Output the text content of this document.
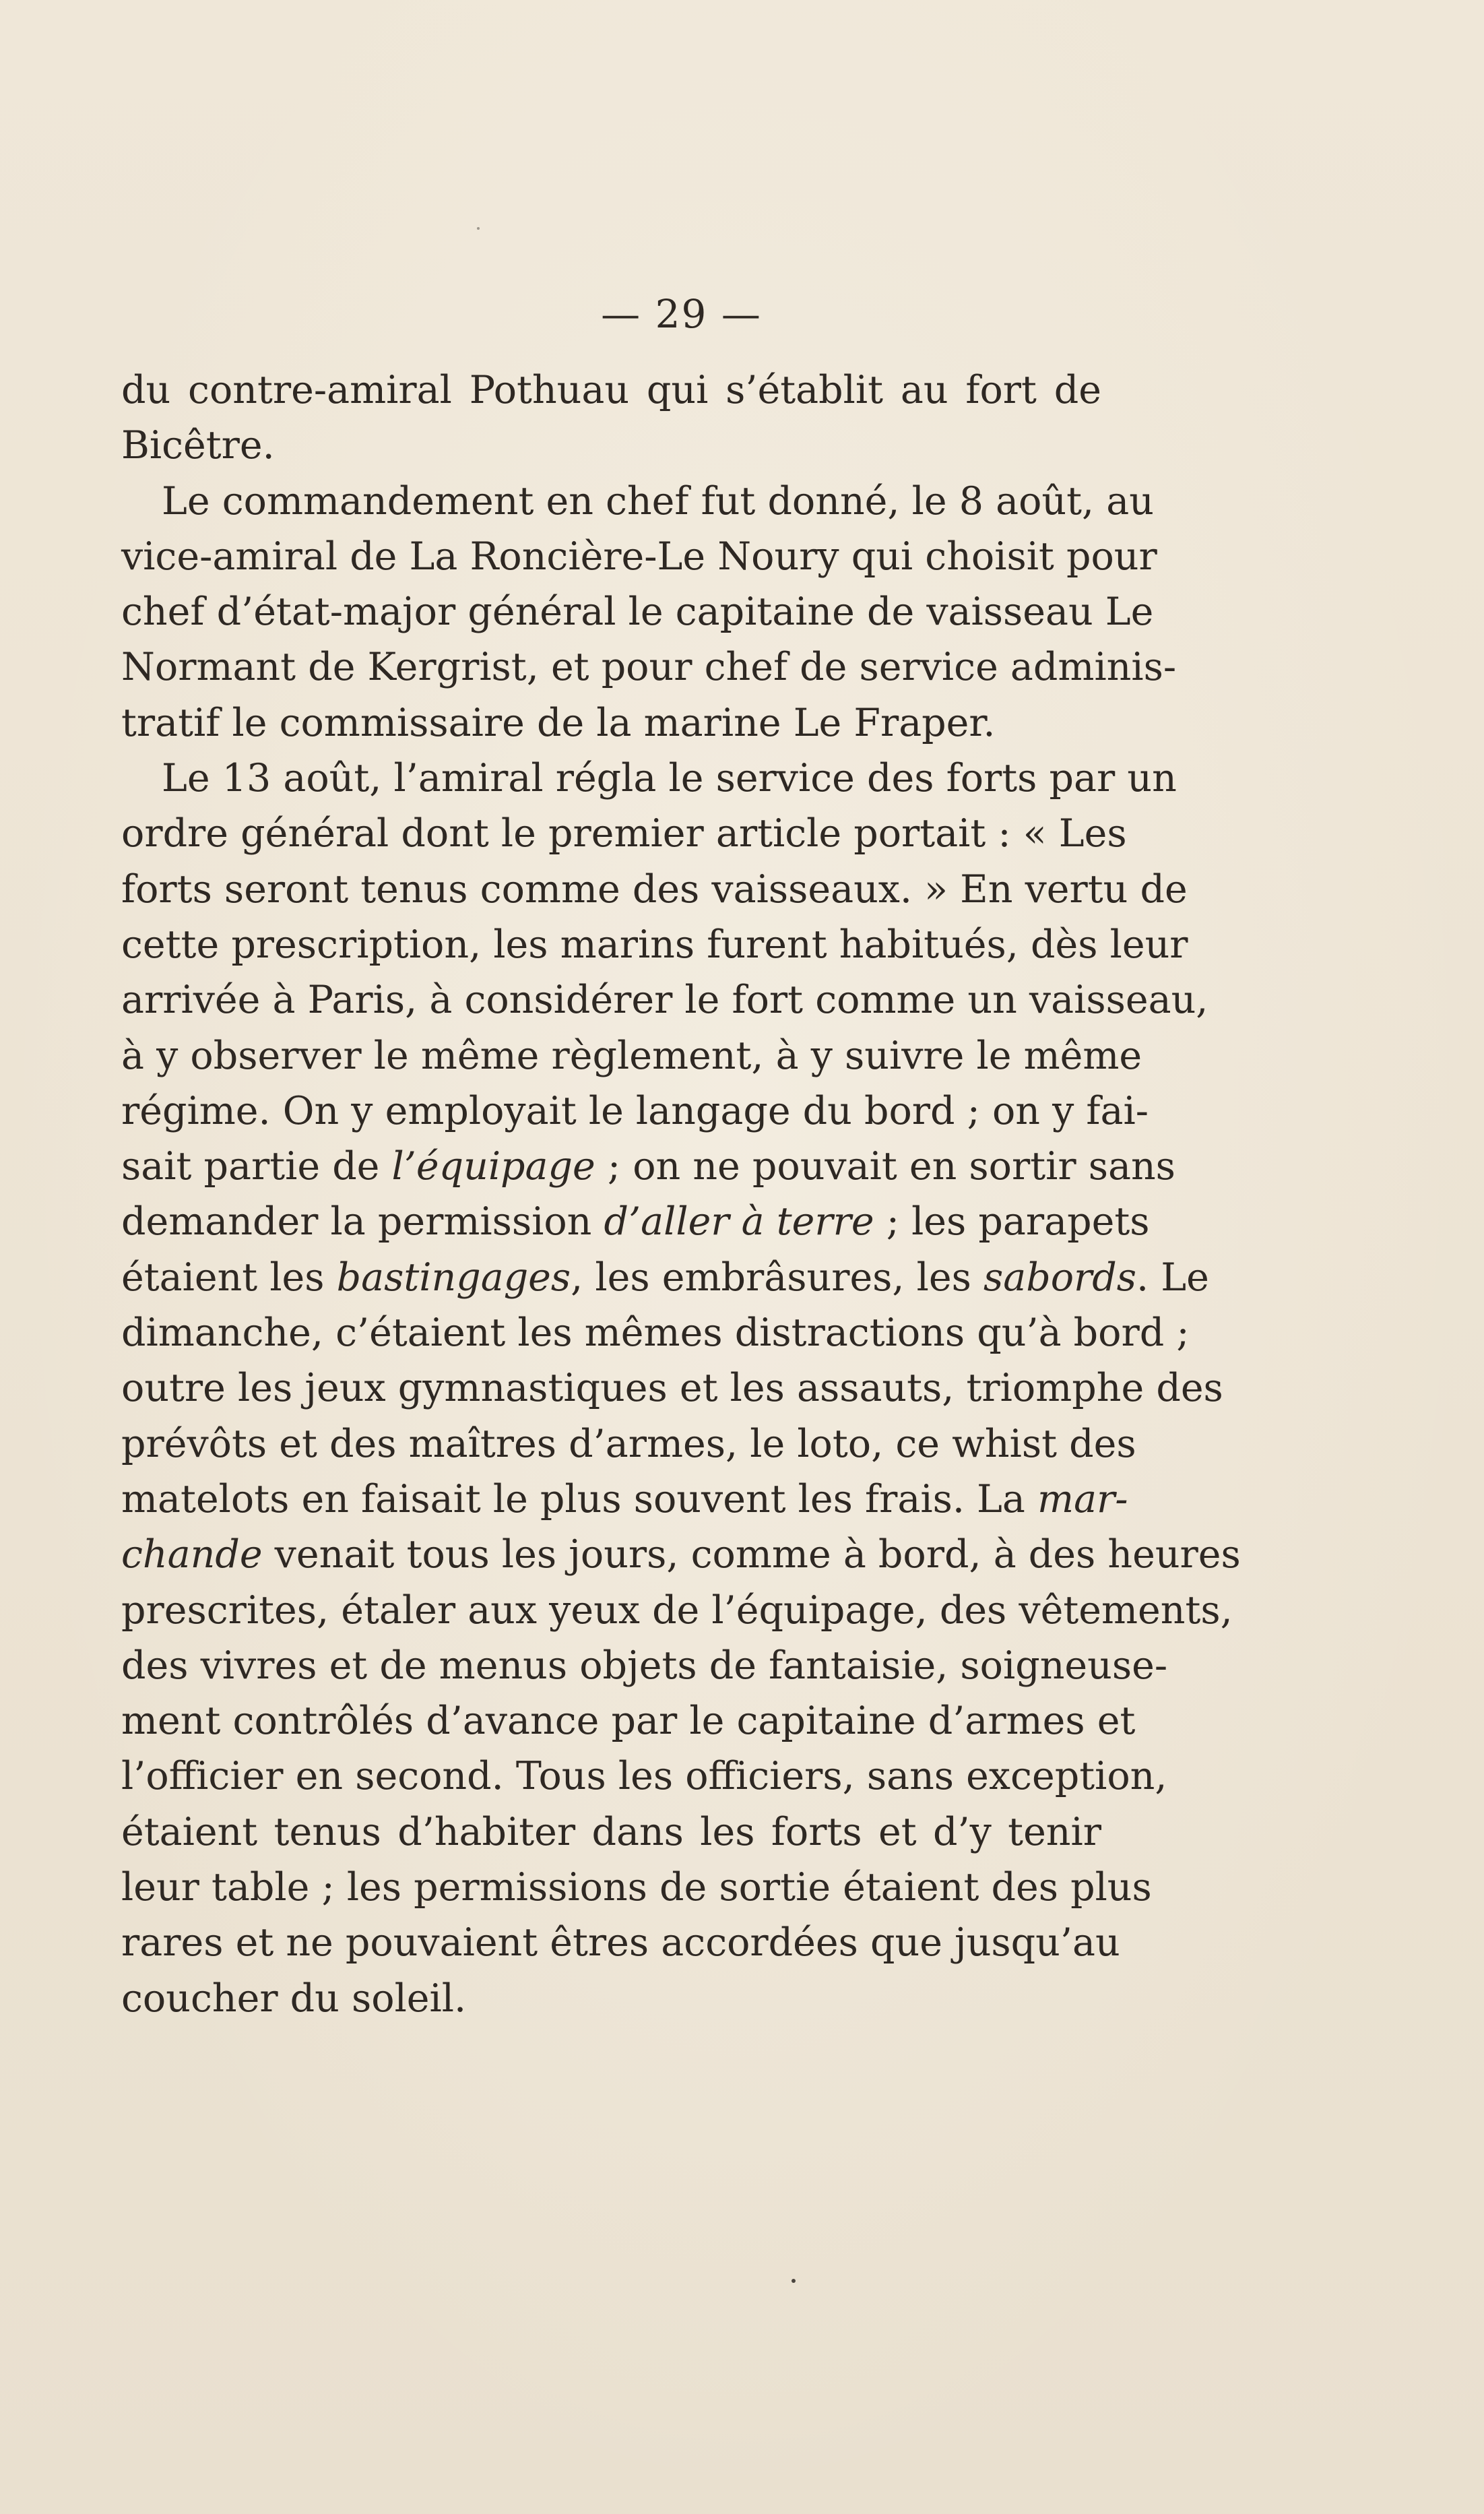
— 29 —
du contre-amiral Pothuau qui s’établit au fort de
Bicêtre.
Le commandement en chef fut donné, le 8 août, au
vice-amiral de La Roncière-Le Noury qui choisit pour
chef d’état-major général le capitaine de vaisseau Le
Normant de Kergrist, et pour chef de service adminis-
tratif le commissaire de la marine Le Fraper.
Le 13 août, l’amiral régla le service des forts par un
ordre général dont le premier article portait : « Les
forts seront tenus comme des vaisseaux. » En vertu de
cette prescription, les marins furent habitués, dès leur
arrivée à Paris, à considérer le fort comme un vaisseau,
à y observer le même règlement, à y suivre le même
régime. On y employait le langage du bord ; on y fai-
sait partie de l’équipage ; on ne pouvait en sortir sans
demander la permission d’aller à terre ; les parapets
étaient les bastingages, les embrâsures, les sabords. Le
dimanche, c’étaient les mêmes distractions qu’à bord ;
outre les jeux gymnastiques et les assauts, triomphe des
prévôts et des maîtres d’armes, le loto, ce whist des
matelots en faisait le plus souvent les frais. La mar-
chande venait tous les jours, comme à bord, à des heures
prescrites, étaler aux yeux de l’équipage, des vêtements,
des vivres et de menus objets de fantaisie, soigneuse-
ment contrôlés d’avance par le capitaine d’armes et
l’officier en second. Tous les officiers, sans exception,
étaient tenus d’habiter dans les forts et d’y tenir
leur table ; les permissions de sortie étaient des plus
rares et ne pouvaient êtres accordées que jusqu’au
coucher du soleil.
